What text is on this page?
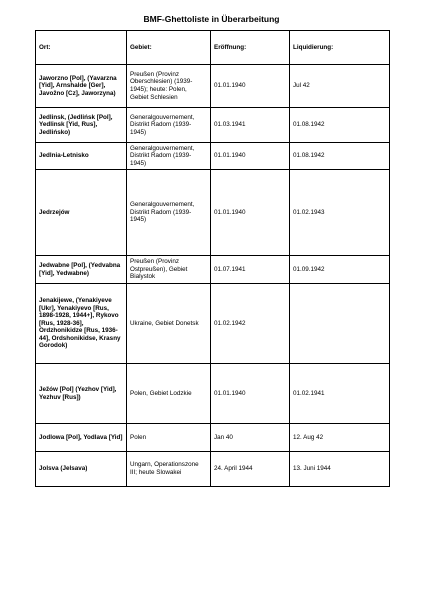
BMF-Ghettoliste in Überarbeitung
Ort:	Gebiet:	Eröffnung:	Liquidierung:
Jaworzno [Pol], (Yavarzna [Yid], Arnshalde [Ger], Javožno [Cz], Jaworzyna)	Preußen (Provinz Oberschlesien) (1939-1945); heute: Polen, Gebiet Schlesien	01.01.1940	Jul 42
Jedlinsk, (Jedlińsk [Pol], Yedlinsk [Yid, Rus], Jedlińsko)	Generalgouvernement, Distrikt Radom (1939-1945)	01.03.1941	01.08.1942
Jedlnia-Letnisko	Generalgouvernement, Distrikt Radom (1939-1945)	01.01.1940	01.08.1942
Jedrzejów	Generalgouvernement, Distrikt Radom (1939-1945)	01.01.1940	01.02.1943
Jedwabne [Pol], (Yedvabna [Yid], Yedwabne)	Preußen (Provinz Ostpreußen), Gebiet Bialystok	01.07.1941	01.09.1942
Jenakijewe, (Yenakiyeve [Ukr], Yenakiyevo [Rus, 1898-1928, 1944+], Rykovo [Rus, 1928-36], Ordzhonikidze [Rus, 1936-44], Ordshonikidse, Krasny Gorodok)	Ukraine, Gebiet Donetsk	01.02.1942	
Ježów [Pol] (Yezhov [Yid], Yezhuv [Rus])	Polen, Gebiet Lodzkie	01.01.1940	01.02.1941
Jodlowa [Pol], Yodlava [Yid]	Polen	Jan 40	12. Aug 42
Jolsva (Jelsava)	Ungarn, Operationszone III; heute Slowakei	24. April 1944	13. Juni 1944
